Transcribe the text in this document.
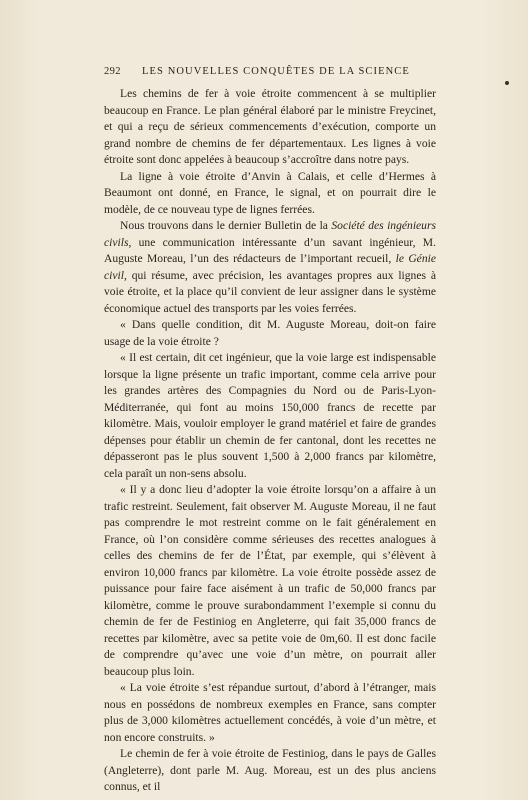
292 LES NOUVELLES CONQUÊTES DE LA SCIENCE

Les chemins de fer à voie étroite commencent à se multiplier beaucoup en France. Le plan général élaboré par le ministre Freycinet, et qui a reçu de sérieux commencements d’exécution, comporte un grand nombre de chemins de fer départementaux. Les lignes à voie étroite sont donc appelées à beaucoup s’accroître dans notre pays.

La ligne à voie étroite d’Anvin à Calais, et celle d’Hermes à Beaumont ont donné, en France, le signal, et on pourrait dire le modèle, de ce nouveau type de lignes ferrées.

Nous trouvons dans le dernier Bulletin de la Société des ingénieurs civils, une communication intéressante d’un savant ingénieur, M. Auguste Moreau, l’un des rédacteurs de l’important recueil, le Génie civil, qui résume, avec précision, les avantages propres aux lignes à voie étroite, et la place qu’il convient de leur assigner dans le système économique actuel des transports par les voies ferrées.

« Dans quelle condition, dit M. Auguste Moreau, doit-on faire usage de la voie étroite ?

« Il est certain, dit cet ingénieur, que la voie large est indispensable lorsque la ligne présente un trafic important, comme cela arrive pour les grandes artères des Compagnies du Nord ou de Paris-Lyon-Méditerranée, qui font au moins 150,000 francs de recette par kilomètre. Mais, vouloir employer le grand matériel et faire de grandes dépenses pour établir un chemin de fer cantonal, dont les recettes ne dépasseront pas le plus souvent 1,500 à 2,000 francs par kilomètre, cela paraît un non-sens absolu.

« Il y a donc lieu d’adopter la voie étroite lorsqu’on a affaire à un trafic restreint. Seulement, fait observer M. Auguste Moreau, il ne faut pas comprendre le mot restreint comme on le fait généralement en France, où l’on considère comme sérieuses des recettes analogues à celles des chemins de fer de l’État, par exemple, qui s’élèvent à environ 10,000 francs par kilomètre. La voie étroite possède assez de puissance pour faire face aisément à un trafic de 50,000 francs par kilomètre, comme le prouve surabondamment l’exemple si connu du chemin de fer de Festiniog en Angleterre, qui fait 35,000 francs de recettes par kilomètre, avec sa petite voie de 0m,60. Il est donc facile de comprendre qu’avec une voie d’un mètre, on pourrait aller beaucoup plus loin.

« La voie étroite s’est répandue surtout, d’abord à l’étranger, mais nous en possédons de nombreux exemples en France, sans compter plus de 3,000 kilomètres actuellement concédés, à voie d’un mètre, et non encore construits. »

Le chemin de fer à voie étroite de Festiniog, dans le pays de Galles (Angleterre), dont parle M. Aug. Moreau, est un des plus anciens connus, et il
